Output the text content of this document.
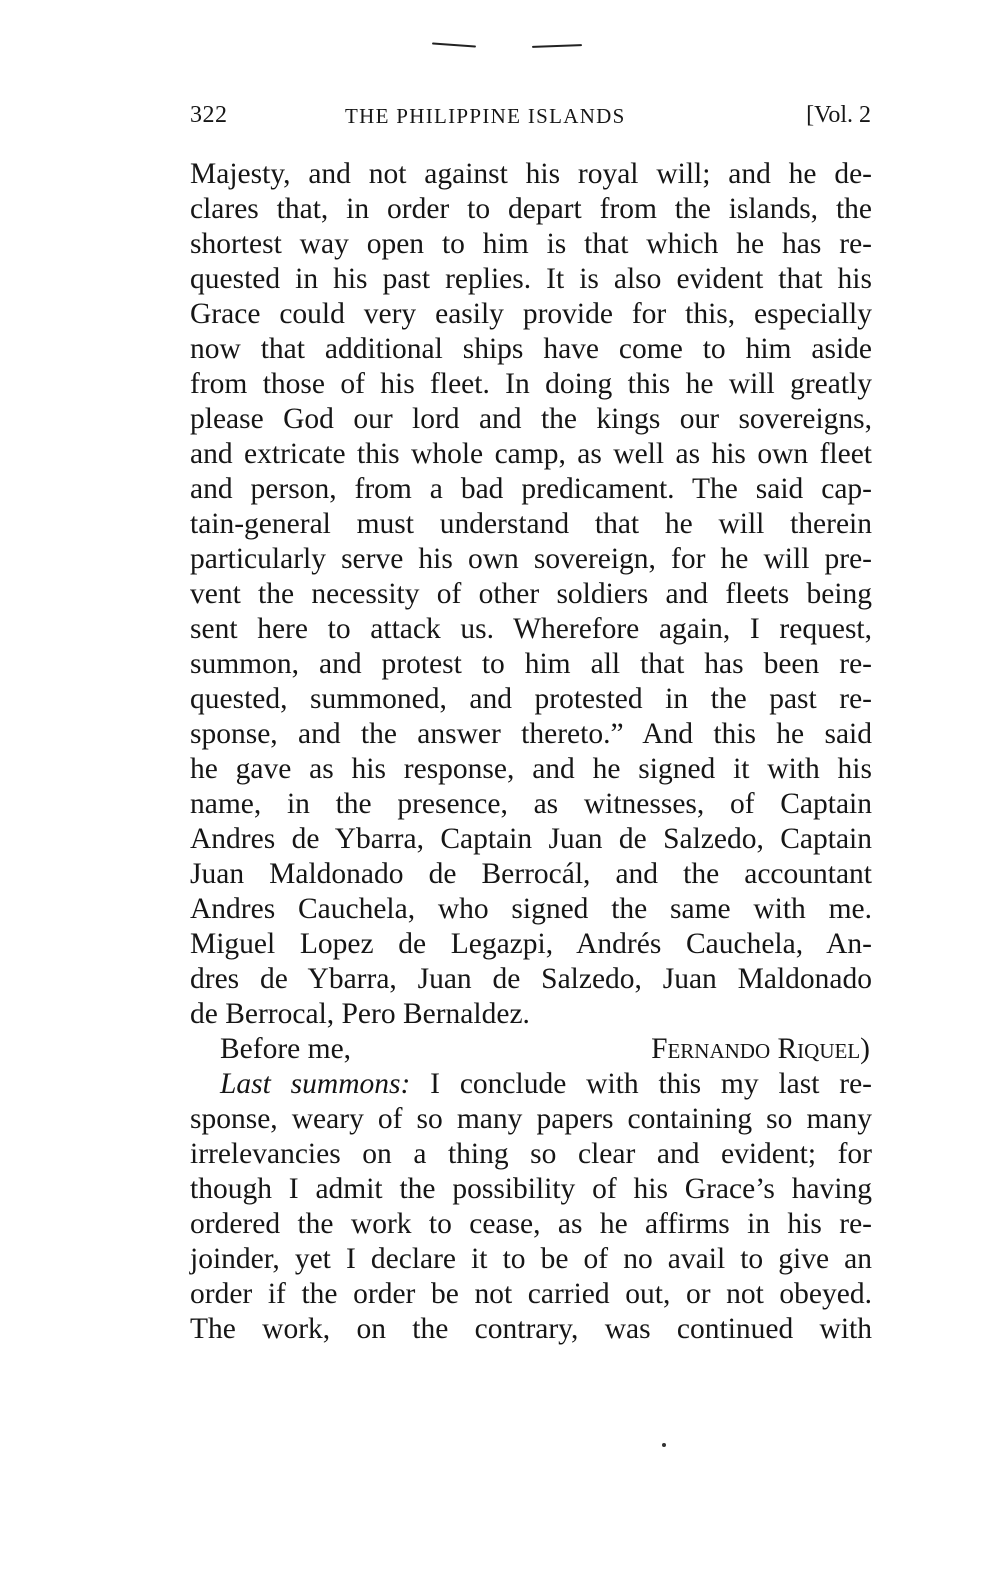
322	THE PHILIPPINE ISLANDS	[Vol. 2
Majesty, and not against his royal will; and he de-
clares that, in order to depart from the islands, the
shortest way open to him is that which he has re-
quested in his past replies. It is also evident that his
Grace could very easily provide for this, especially
now that additional ships have come to him aside
from those of his fleet. In doing this he will greatly
please God our lord and the kings our sovereigns,
and extricate this whole camp, as well as his own fleet
and person, from a bad predicament. The said cap-
tain-general must understand that he will therein
particularly serve his own sovereign, for he will pre-
vent the necessity of other soldiers and fleets being
sent here to attack us. Wherefore again, I request,
summon, and protest to him all that has been re-
quested, summoned, and protested in the past re-
sponse, and the answer thereto.” And this he said
he gave as his response, and he signed it with his
name, in the presence, as witnesses, of Captain
Andres de Ybarra, Captain Juan de Salzedo, Captain
Juan Maldonado de Berrocál, and the accountant
Andres Cauchela, who signed the same with me.
Miguel Lopez de Legazpi, Andrés Cauchela, An-
dres de Ybarra, Juan de Salzedo, Juan Maldonado
de Berrocal, Pero Bernaldez.
Before me,	Fernando Riquel)
Last summons: I conclude with this my last re-
sponse, weary of so many papers containing so many
irrelevancies on a thing so clear and evident; for
though I admit the possibility of his Grace’s having
ordered the work to cease, as he affirms in his re-
joinder, yet I declare it to be of no avail to give an
order if the order be not carried out, or not obeyed.
The work, on the contrary, was continued with
